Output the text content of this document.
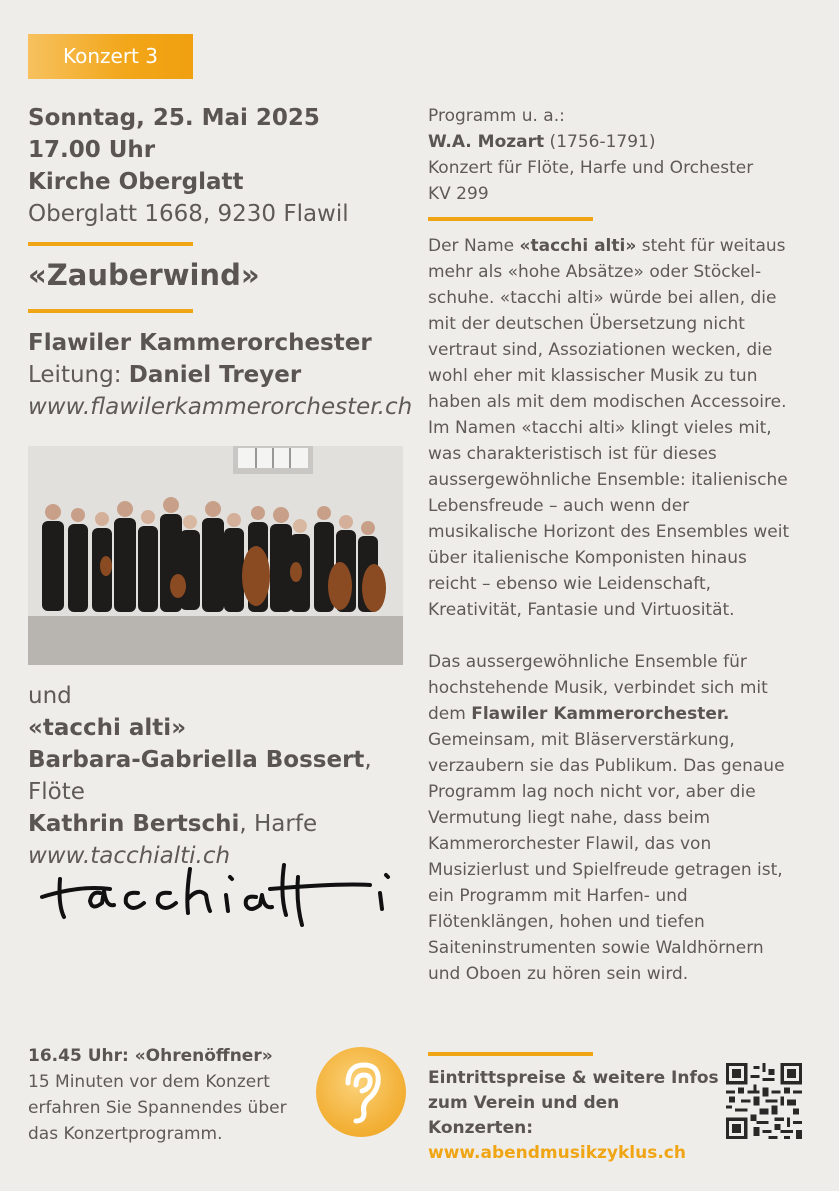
Konzert 3
Sonntag, 25. Mai 2025
17.00 Uhr
Kirche Oberglatt
Oberglatt 1668, 9230 Flawil
«Zauberwind»
Flawiler Kammerorchester
Leitung: Daniel Treyer
www.flawilerkammerorchester.ch
und
«tacchi alti»
Barbara-Gabriella Bossert, Flöte
Kathrin Bertschi, Harfe
www.tacchialti.ch

Programm u. a.:

W.A. Mozart (1756-1791)

Konzert für Flöte, Harfe und Orchester

KV 299

Der Name «tacchi alti» steht für weitaus mehr als «hohe Absätze» oder Stöckelschuhe. «tacchi alti» würde bei allen, die mit der deutschen Übersetzung nicht vertraut sind, Assoziationen wecken, die wohl eher mit klassischer Musik zu tun haben als mit dem modischen Accessoire. Im Namen «tacchi alti» klingt vieles mit, was charakteristisch ist für dieses aussergewöhnliche Ensemble: italienische Lebensfreude – auch wenn der musikalische Horizont des Ensembles weit über italienische Komponisten hinaus reicht – ebenso wie Leidenschaft, Kreativität, Fantasie und Virtuosität.

Das aussergewöhnliche Ensemble für hochstehende Musik, verbindet sich mit dem Flawiler Kammerorchester. Gemeinsam, mit Bläserverstärkung, verzaubern sie das Publikum. Das genaue Programm lag noch nicht vor, aber die Vermutung liegt nahe, dass beim Kammerorchester Flawil, das von Musizierlust und Spielfreude getragen ist, ein Programm mit Harfen- und Flötenklängen, hohen und tiefen Saiteninstrumenten sowie Waldhörnern und Oboen zu hören sein wird.

16.45 Uhr: «Ohrenöffner»
15 Minuten vor dem Konzert erfahren Sie Spannendes über das Konzertprogramm.
Eintrittspreise & weitere Infos
zum Verein und den Konzerten:
www.abendmusikzyklus.ch
